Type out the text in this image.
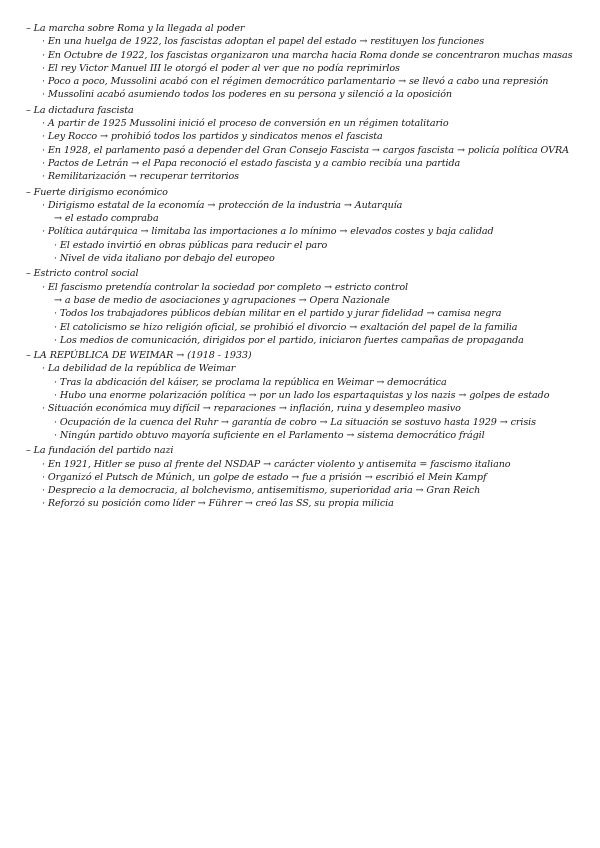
– La marcha sobre Roma y la llegada al poder
· En una huelga de 1922, los fascistas adoptan el papel del estado → restituyen los funciones
· En Octubre de 1922, los fascistas organizaron una marcha hacia Roma donde se concentraron muchas masas
· El rey Victor Manuel III le otorgó el poder al ver que no podía reprimirlos
· Poco a poco, Mussolini acabó con el régimen democrático parlamentario → se llevó a cabo una represión
· Mussolini acabó asumiendo todos los poderes en su persona y silenció a la oposición
– La dictadura fascista
· A partir de 1925 Mussolini inició el proceso de conversión en un régimen totalitario
· Ley Rocco → prohibió todos los partidos y sindicatos menos el fascista
· En 1928, el parlamento pasó a depender del Gran Consejo Fascista → cargos fascista → policía política OVRA
· Pactos de Letrán → el Papa reconoció el estado fascista y a cambio recibía una partida
· Remilitarización → recuperar territorios
– Fuerte dirigismo económico
· Dirigismo estatal de la economía → protección de la industria → Autarquía
→ el estado compraba
· Política autárquica → limitaba las importaciones a lo mínimo → elevados costes y baja calidad
· El estado invirtió en obras públicas para reducir el paro
· Nivel de vida italiano por debajo del europeo
– Estricto control social
· El fascismo pretendía controlar la sociedad por completo → estricto control
→ a base de medio de asociaciones y agrupaciones → Opera Nazionale
· Todos los trabajadores públicos debían militar en el partido y jurar fidelidad → camisa negra
· El catolicismo se hizo religión oficial, se prohibió el divorcio → exaltación del papel de la familia
· Los medios de comunicación, dirigidos por el partido, iniciaron fuertes campañas de propaganda
– LA REPÚBLICA DE WEIMAR → (1918 - 1933)
· La debilidad de la república de Weimar
· Tras la abdicación del káiser, se proclama la república en Weimar → democrática
· Hubo una enorme polarización política → por un lado los espartaquistas y los nazis → golpes de estado
· Situación económica muy difícil → reparaciones → inflación, ruina y desempleo masivo
· Ocupación de la cuenca del Ruhr → garantía de cobro → La situación se sostuvo hasta 1929 → crisis
· Ningún partido obtuvo mayoría suficiente en el Parlamento → sistema democrático frágil
– La fundación del partido nazi
· En 1921, Hitler se puso al frente del NSDAP → carácter violento y antisemita = fascismo italiano
· Organizó el Putsch de Múnich, un golpe de estado → fue a prisión → escribió el Mein Kampf
· Desprecio a la democracia, al bolchevismo, antisemitismo, superioridad aria → Gran Reich
· Reforzó su posición como líder → Führer → creó las SS, su propia milicia
